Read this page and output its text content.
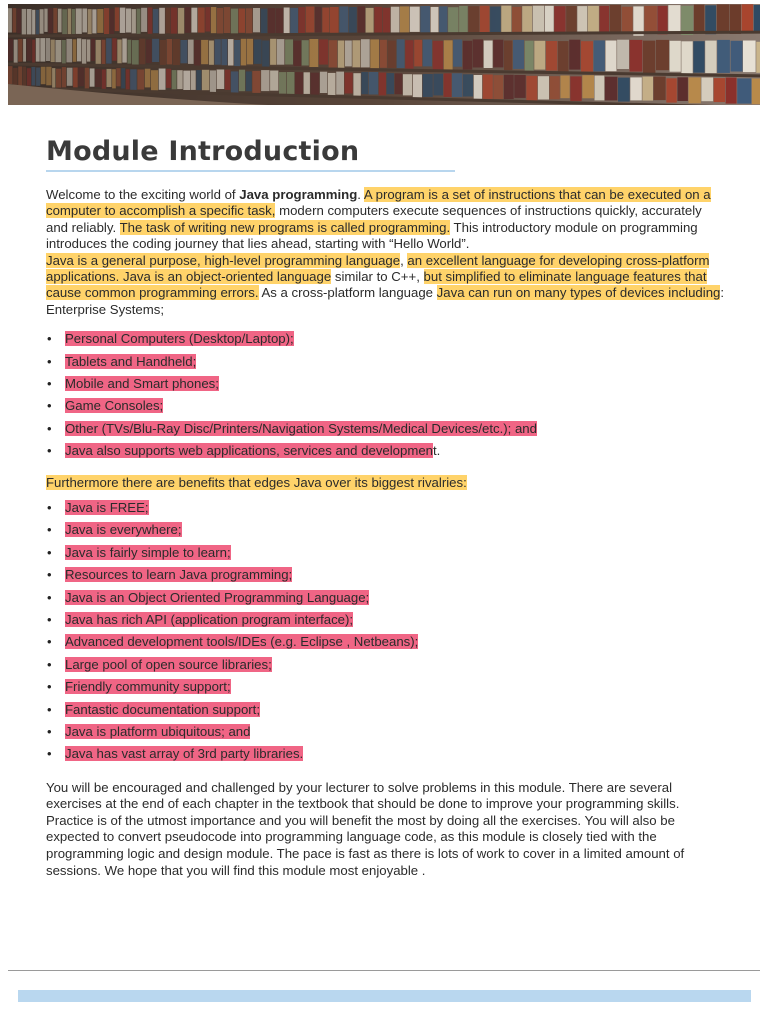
Module Introduction

Welcome to the exciting world of Java programming. A program is a set of instructions that can be executed on a computer to accomplish a specific task, modern computers execute sequences of instructions quickly, accurately and reliably. The task of writing new programs is called programming. This introductory module on programming introduces the coding journey that lies ahead, starting with “Hello World”.

Java is a general purpose, high-level programming language, an excellent language for developing cross-platform applications. Java is an object-oriented language similar to C++, but simplified to eliminate language features that cause common programming errors. As a cross-platform language Java can run on many types of devices including: Enterprise Systems;

• Personal Computers (Desktop/Laptop);
• Tablets and Handheld;
• Mobile and Smart phones;
• Game Consoles;
• Other (TVs/Blu-Ray Disc/Printers/Navigation Systems/Medical Devices/etc.); and
• Java also supports web applications, services and development.

Furthermore there are benefits that edges Java over its biggest rivalries:

• Java is FREE;
• Java is everywhere;
• Java is fairly simple to learn;
• Resources to learn Java programming;
• Java is an Object Oriented Programming Language;
• Java has rich API (application program interface);
• Advanced development tools/IDEs (e.g. Eclipse , Netbeans);
• Large pool of open source libraries;
• Friendly community support;
• Fantastic documentation support;
• Java is platform ubiquitous; and
• Java has vast array of 3rd party libraries.

You will be encouraged and challenged by your lecturer to solve problems in this module. There are several exercises at the end of each chapter in the textbook that should be done to improve your programming skills. Practice is of the utmost importance and you will benefit the most by doing all the exercises. You will also be expected to convert pseudocode into programming language code, as this module is closely tied with the programming logic and design module. The pace is fast as there is lots of work to cover in a limited amount of sessions. We hope that you will find this module most enjoyable .
